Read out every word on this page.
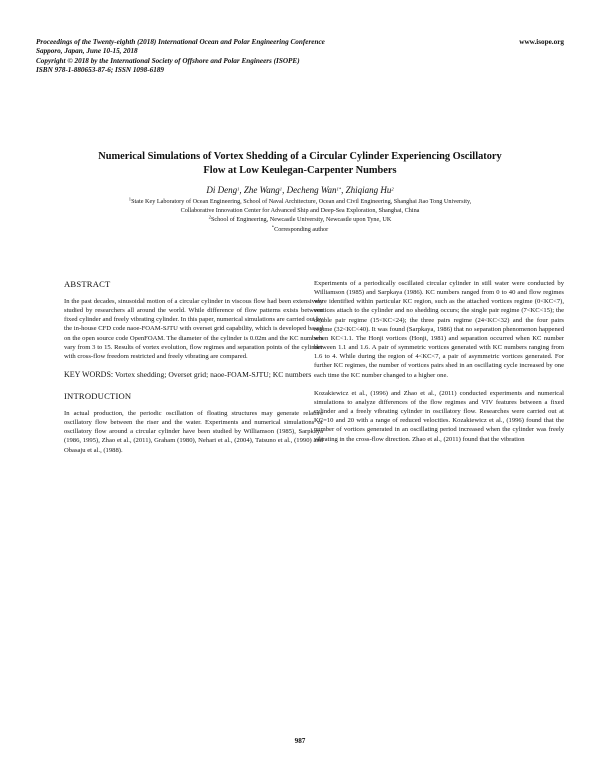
Proceedings of the Twenty-eighth (2018) International Ocean and Polar Engineering Conference
Sapporo, Japan, June 10-15, 2018
Copyright © 2018 by the International Society of Offshore and Polar Engineers (ISOPE)
ISBN 978-1-880653-87-6; ISSN 1098-6189
www.isope.org
Numerical Simulations of Vortex Shedding of a Circular Cylinder Experiencing Oscillatory
Flow at Low Keulegan-Carpenter Numbers
Di Deng$^1$, Zhe Wang$^1$, Decheng Wan$^{1*}$, Zhiqiang Hu$^2$
$^1$State Key Laboratory of Ocean Engineering, School of Naval Architecture, Ocean and Civil Engineering, Shanghai Jiao Tong University,
Collaborative Innovation Center for Advanced Ship and Deep-Sea Exploration, Shanghai, China
$^2$School of Engineering, Newcastle University, Newcastle upon Tyne, UK
*Corresponding author
ABSTRACT

In the past decades, sinusoidal motion of a circular cylinder in viscous flow had been extensively studied by researchers all around the world. While difference of flow patterns exists between fixed cylinder and freely vibrating cylinder. In this paper, numerical simulations are carried out by the in-house CFD code naoe-FOAM-SJTU with overset grid capability, which is developed based on the open source code OpenFOAM. The diameter of the cylinder is 0.02m and the KC numbers vary from 3 to 15. Results of vortex evolution, flow regimes and separation points of the cylinder with cross-flow freedom restricted and freely vibrating are compared.

KEY WORDS: Vortex shedding; Overset grid; naoe-FOAM-SJTU; KC numbers

INTRODUCTION

In actual production, the periodic oscillation of floating structures may generate relative oscillatory flow between the riser and the water. Experiments and numerical simulations of oscillatory flow around a circular cylinder have been studied by Williamson (1985), Sarpkaya (1986, 1995), Zhao et al., (2011), Graham (1980), Nehari et al., (2004), Tatsuno et al., (1990) and Obasaju et al., (1988).

Experiments of a periodically oscillated circular cylinder in still water were conducted by Williamson (1985) and Sarpkaya (1986). KC numbers ranged from 0 to 40 and flow regimes were identified within particular KC region, such as the attached vortices regime (0<KC<7), vortices attach to the cylinder and no shedding occurs; the single pair regime (7<KC<15); the double pair regime (15<KC<24); the three pairs regime (24<KC<32) and the four pairs regime (32<KC<40). It was found (Sarpkaya, 1986) that no separation phenomenon happened when KC<1.1. The Honji vortices (Honji, 1981) and separation occurred when KC number between 1.1 and 1.6. A pair of symmetric vortices generated with KC numbers ranging from 1.6 to 4. While during the region of 4<KC<7, a pair of asymmetric vortices generated. For further KC regimes, the number of vortices pairs shed in an oscillating cycle increased by one each time the KC number changed to a higher one.

Kozakiewicz et al., (1996) and Zhao et al., (2011) conducted experiments and numerical simulations to analyze differences of the flow regimes and VIV features between a fixed cylinder and a freely vibrating cylinder in oscillatory flow. Researches were carried out at KC=10 and 20 with a range of reduced velocities. Kozakiewicz et al., (1996) found that the number of vortices generated in an oscillating period increased when the cylinder was freely vibrating in the cross-flow direction. Zhao et al., (2011) found that the vibration

987
